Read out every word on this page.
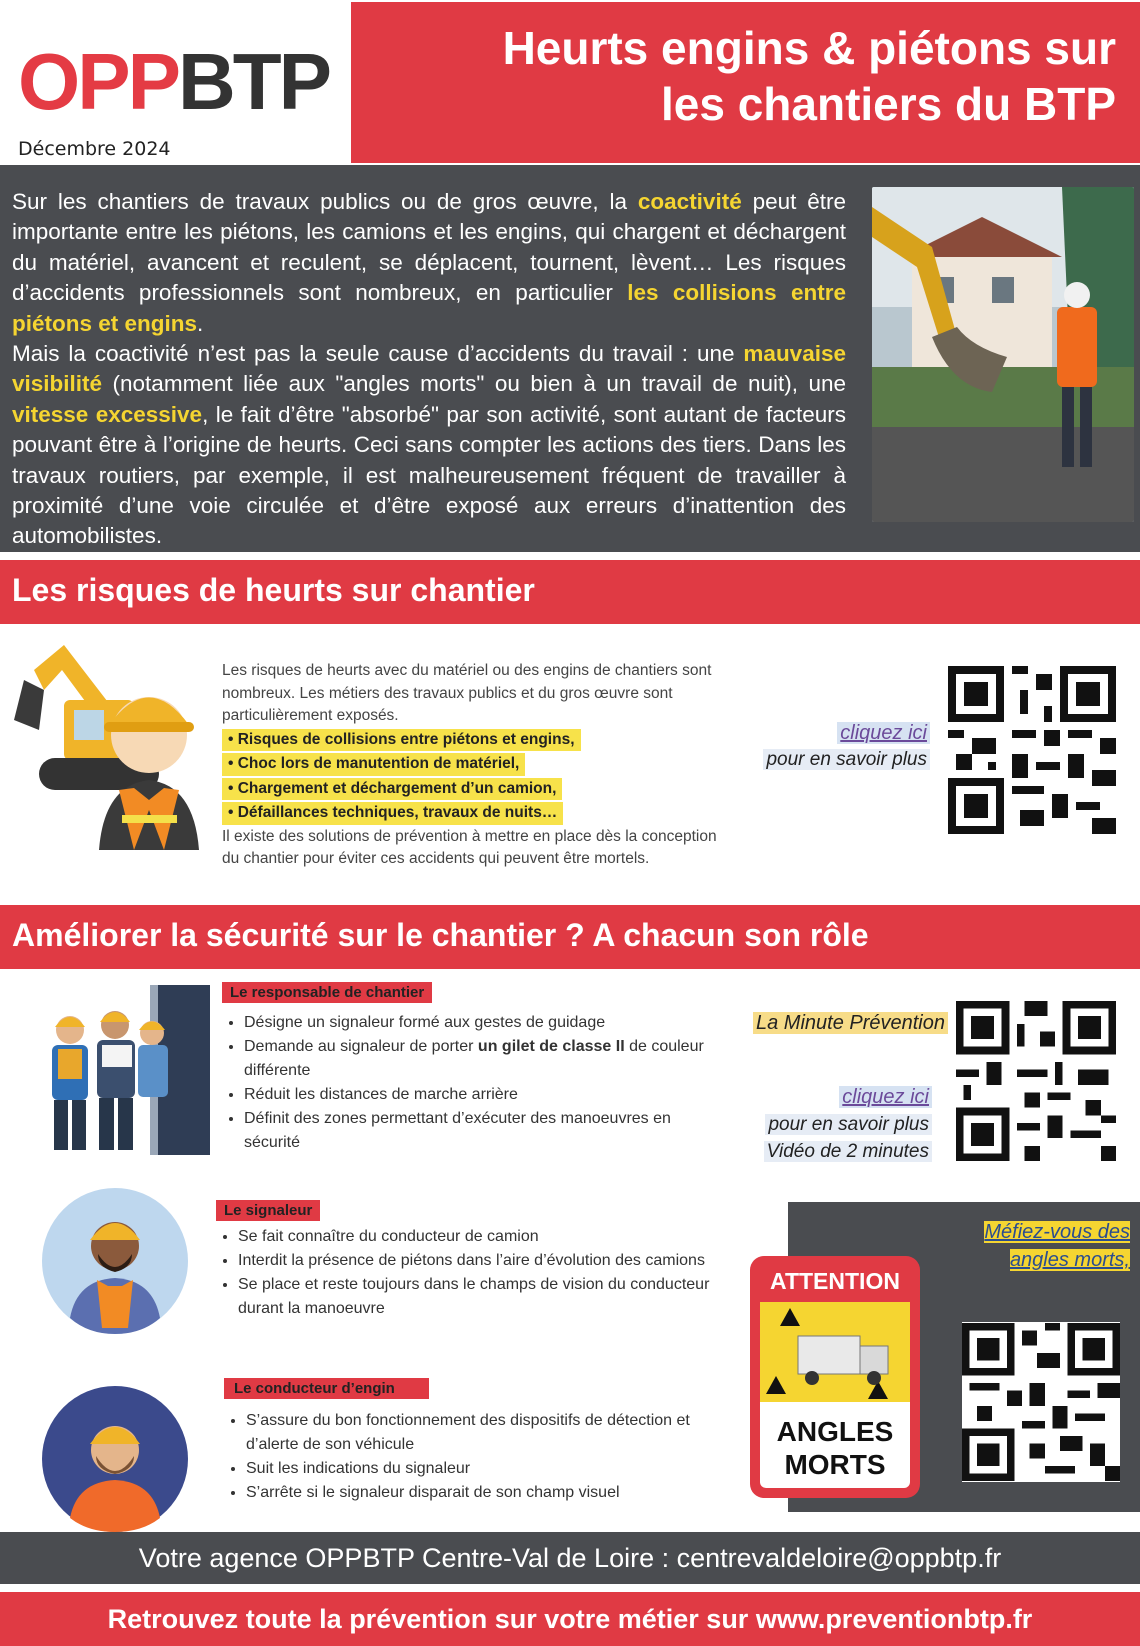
OPPBTP
Décembre 2024
Heurts engins & piétons sur
les chantiers du BTP
Sur les chantiers de travaux publics ou de gros œuvre, la coactivité peut être importante entre les piétons, les camions et les engins, qui chargent et déchargent du matériel, avancent et reculent, se déplacent, tournent, lèvent… Les risques d’accidents professionnels sont nombreux, en particulier les collisions entre piétons et engins.
Mais la coactivité n’est pas la seule cause d’accidents du travail : une mauvaise visibilité (notamment liée aux "angles morts" ou bien à un travail de nuit), une vitesse excessive, le fait d’être "absorbé" par son activité, sont autant de facteurs pouvant être à l’origine de heurts. Ceci sans compter les actions des tiers. Dans les travaux routiers, par exemple, il est malheureusement fréquent de travailler à proximité d’une voie circulée et d’être exposé aux erreurs d’inattention des automobilistes.
Les risques de heurts sur chantier

Les risques de heurts avec du matériel ou des engins de chantiers sont nombreux. Les métiers des travaux publics et du gros œuvre sont particulièrement exposés.

• Risques de collisions entre piétons et engins,
• Choc lors de manutention de matériel,
• Chargement et déchargement d’un camion,
• Défaillances techniques, travaux de nuits…

Il existe des solutions de prévention à mettre en place dès la conception du chantier pour éviter ces accidents qui peuvent être mortels.

cliquez ici
pour en savoir plus
Améliorer la sécurité sur le chantier ? A chacun son rôle
Le responsable de chantier
• Désigne un signaleur formé aux gestes de guidage
• Demande au signaleur de porter un gilet de classe II de couleur différente
• Réduit les distances de marche arrière
• Définit des zones permettant d’exécuter des manoeuvres en sécurité
La Minute Prévention
cliquez ici
pour en savoir plus
Vidéo de 2 minutes
Le signaleur
• Se fait connaître du conducteur de camion
• Interdit la présence de piétons dans l’aire d’évolution des camions
• Se place et reste toujours dans le champs de vision du conducteur durant la manoeuvre
Le conducteur d’engin
• S’assure du bon fonctionnement des dispositifs de détection et d’alerte de son véhicule
• Suit les indications du signaleur
• S’arrête si le signaleur disparait de son champ visuel
Méfiez-vous des
angles morts,
ATTENTION
ANGLES
MORTS
Votre agence OPPBTP Centre-Val de Loire : centrevaldeloire@oppbtp.fr
Retrouvez toute la prévention sur votre métier sur www.preventionbtp.fr
